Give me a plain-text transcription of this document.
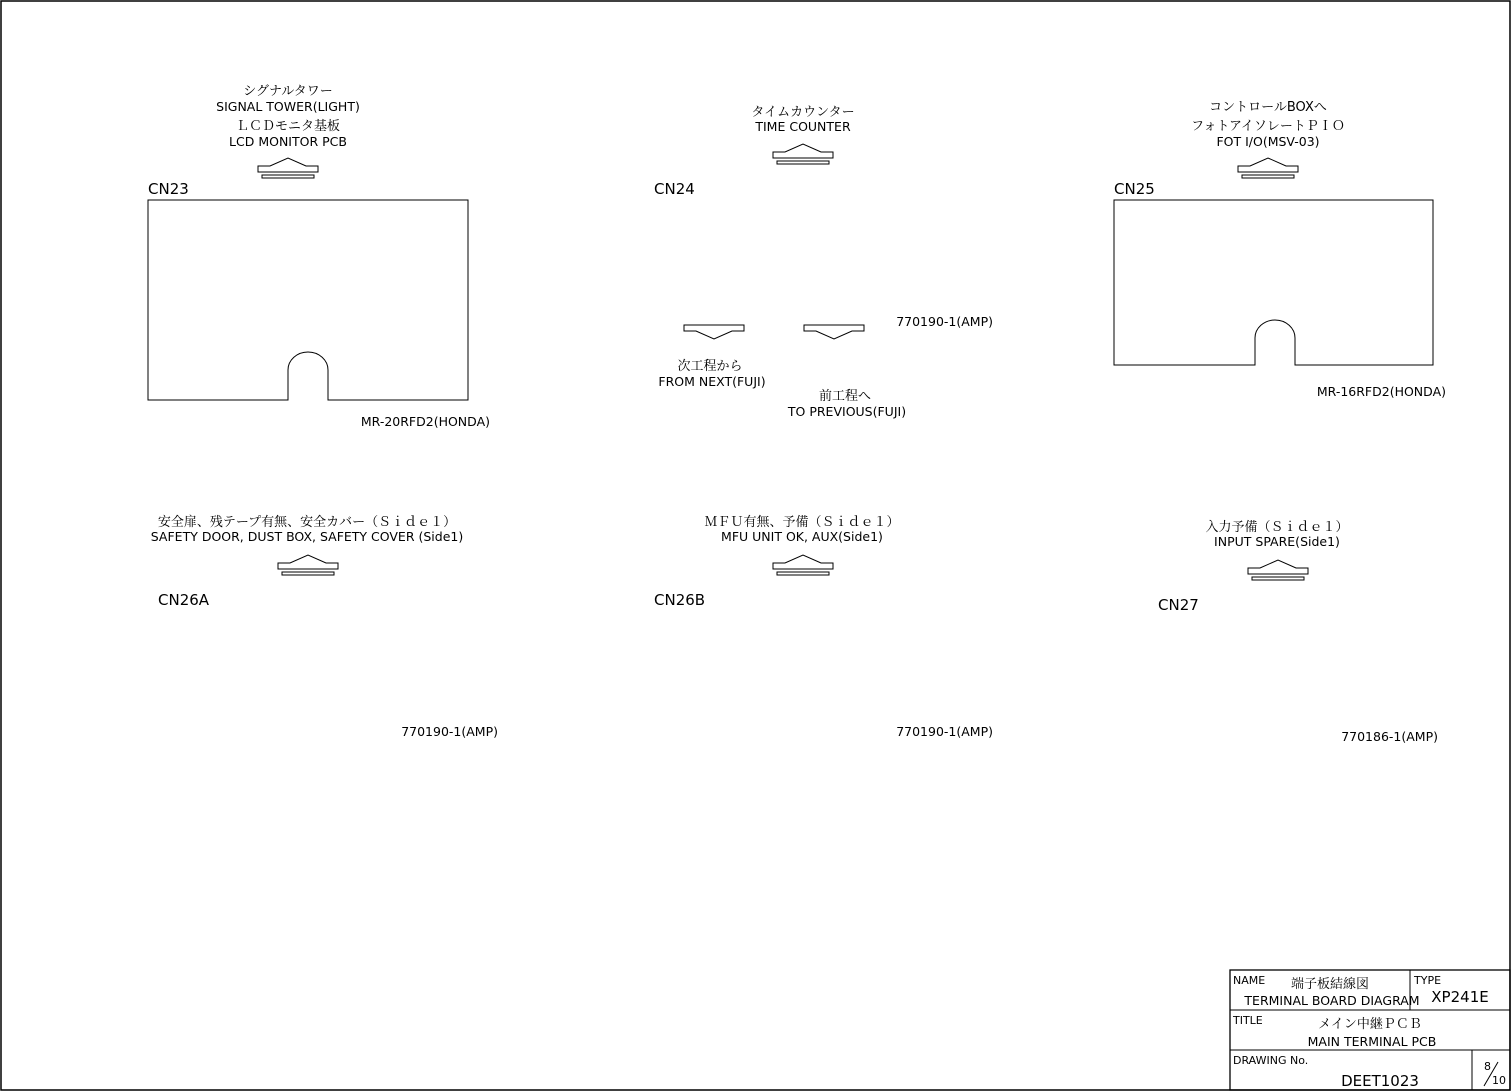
シグナルタワー
SIGNAL TOWER(LIGHT)
ＬＣＤモニタ基板
LCD MONITOR PCB
CN23
MR-20RFD2(HONDA)
タイムカウンター
TIME COUNTER
CN24
次工程から
FROM NEXT(FUJI)
前工程へ
TO PREVIOUS(FUJI)
770190-1(AMP)
コントロールBOXへ
フォトアイソレートＰＩＯ
FOT I/O(MSV-03)
CN25
MR-16RFD2(HONDA)
安全扉、残テープ有無、安全カバー（Ｓｉｄｅ１）
SAFETY DOOR, DUST BOX, SAFETY COVER (Side1)
CN26A
770190-1(AMP)
ＭＦＵ有無、予備（Ｓｉｄｅ１）
MFU UNIT OK, AUX(Side1)
CN26B
770190-1(AMP)
入力予備（Ｓｉｄｅ１）
INPUT SPARE(Side1)
CN27
770186-1(AMP)
NAME 端子板結線図
TERMINAL BOARD DIAGRAM
TYPE
XP241E
TITLE	メイン中継ＰＣＢ
MAIN TERMINAL PCB
DRAWING No.
DEET1023
8
10
